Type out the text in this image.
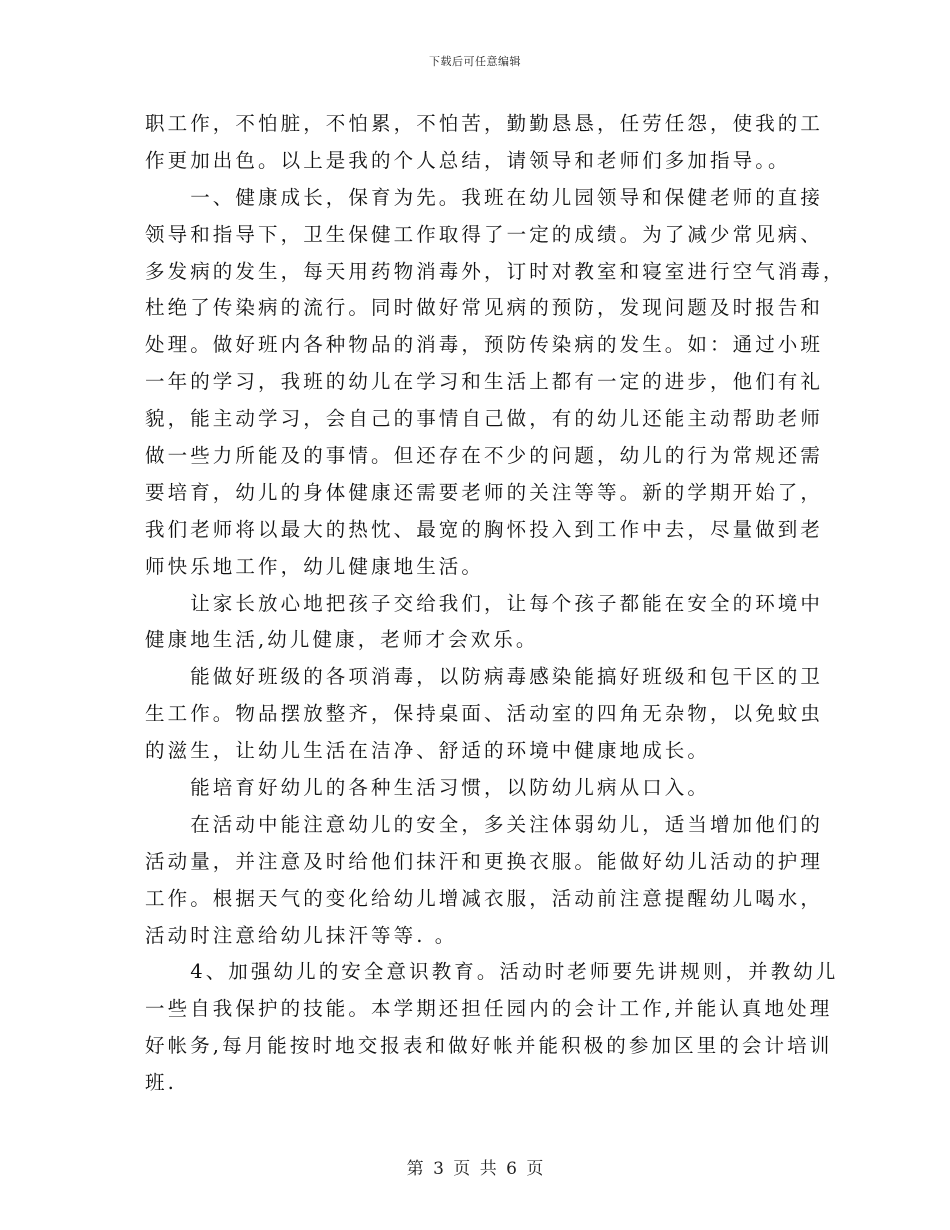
下载后可任意编辑
职工作，不怕脏，不怕累，不怕苦，勤勤恳恳，任劳任怨，使我的工
作更加出色。以上是我的个人总结，请领导和老师们多加指导。。
　　一、健康成长，保育为先。我班在幼儿园领导和保健老师的直接
领导和指导下，卫生保健工作取得了一定的成绩。为了减少常见病、
多发病的发生，每天用药物消毒外，订时对教室和寝室进行空气消毒，
杜绝了传染病的流行。同时做好常见病的预防，发现问题及时报告和
处理。做好班内各种物品的消毒，预防传染病的发生。如：通过小班
一年的学习，我班的幼儿在学习和生活上都有一定的进步，他们有礼
貌，能主动学习，会自己的事情自己做，有的幼儿还能主动帮助老师
做一些力所能及的事情。但还存在不少的问题，幼儿的行为常规还需
要培育，幼儿的身体健康还需要老师的关注等等。新的学期开始了，
我们老师将以最大的热忱、最宽的胸怀投入到工作中去，尽量做到老
师快乐地工作，幼儿健康地生活。
　　让家长放心地把孩子交给我们，让每个孩子都能在安全的环境中
健康地生活,幼儿健康，老师才会欢乐。
　　能做好班级的各项消毒，以防病毒感染能搞好班级和包干区的卫
生工作。物品摆放整齐，保持桌面、活动室的四角无杂物，以免蚊虫
的滋生，让幼儿生活在洁净、舒适的环境中健康地成长。
　　能培育好幼儿的各种生活习惯，以防幼儿病从口入。
　　在活动中能注意幼儿的安全，多关注体弱幼儿，适当增加他们的
活动量，并注意及时给他们抹汗和更换衣服。能做好幼儿活动的护理
工作。根据天气的变化给幼儿增减衣服，活动前注意提醒幼儿喝水，
活动时注意给幼儿抹汗等等. 。
　　4、加强幼儿的安全意识教育。活动时老师要先讲规则，并教幼儿
一些自我保护的技能。本学期还担任园内的会计工作,并能认真地处理
好帐务,每月能按时地交报表和做好帐并能积极的参加区里的会计培训
班.
第 3 页 共 6 页
